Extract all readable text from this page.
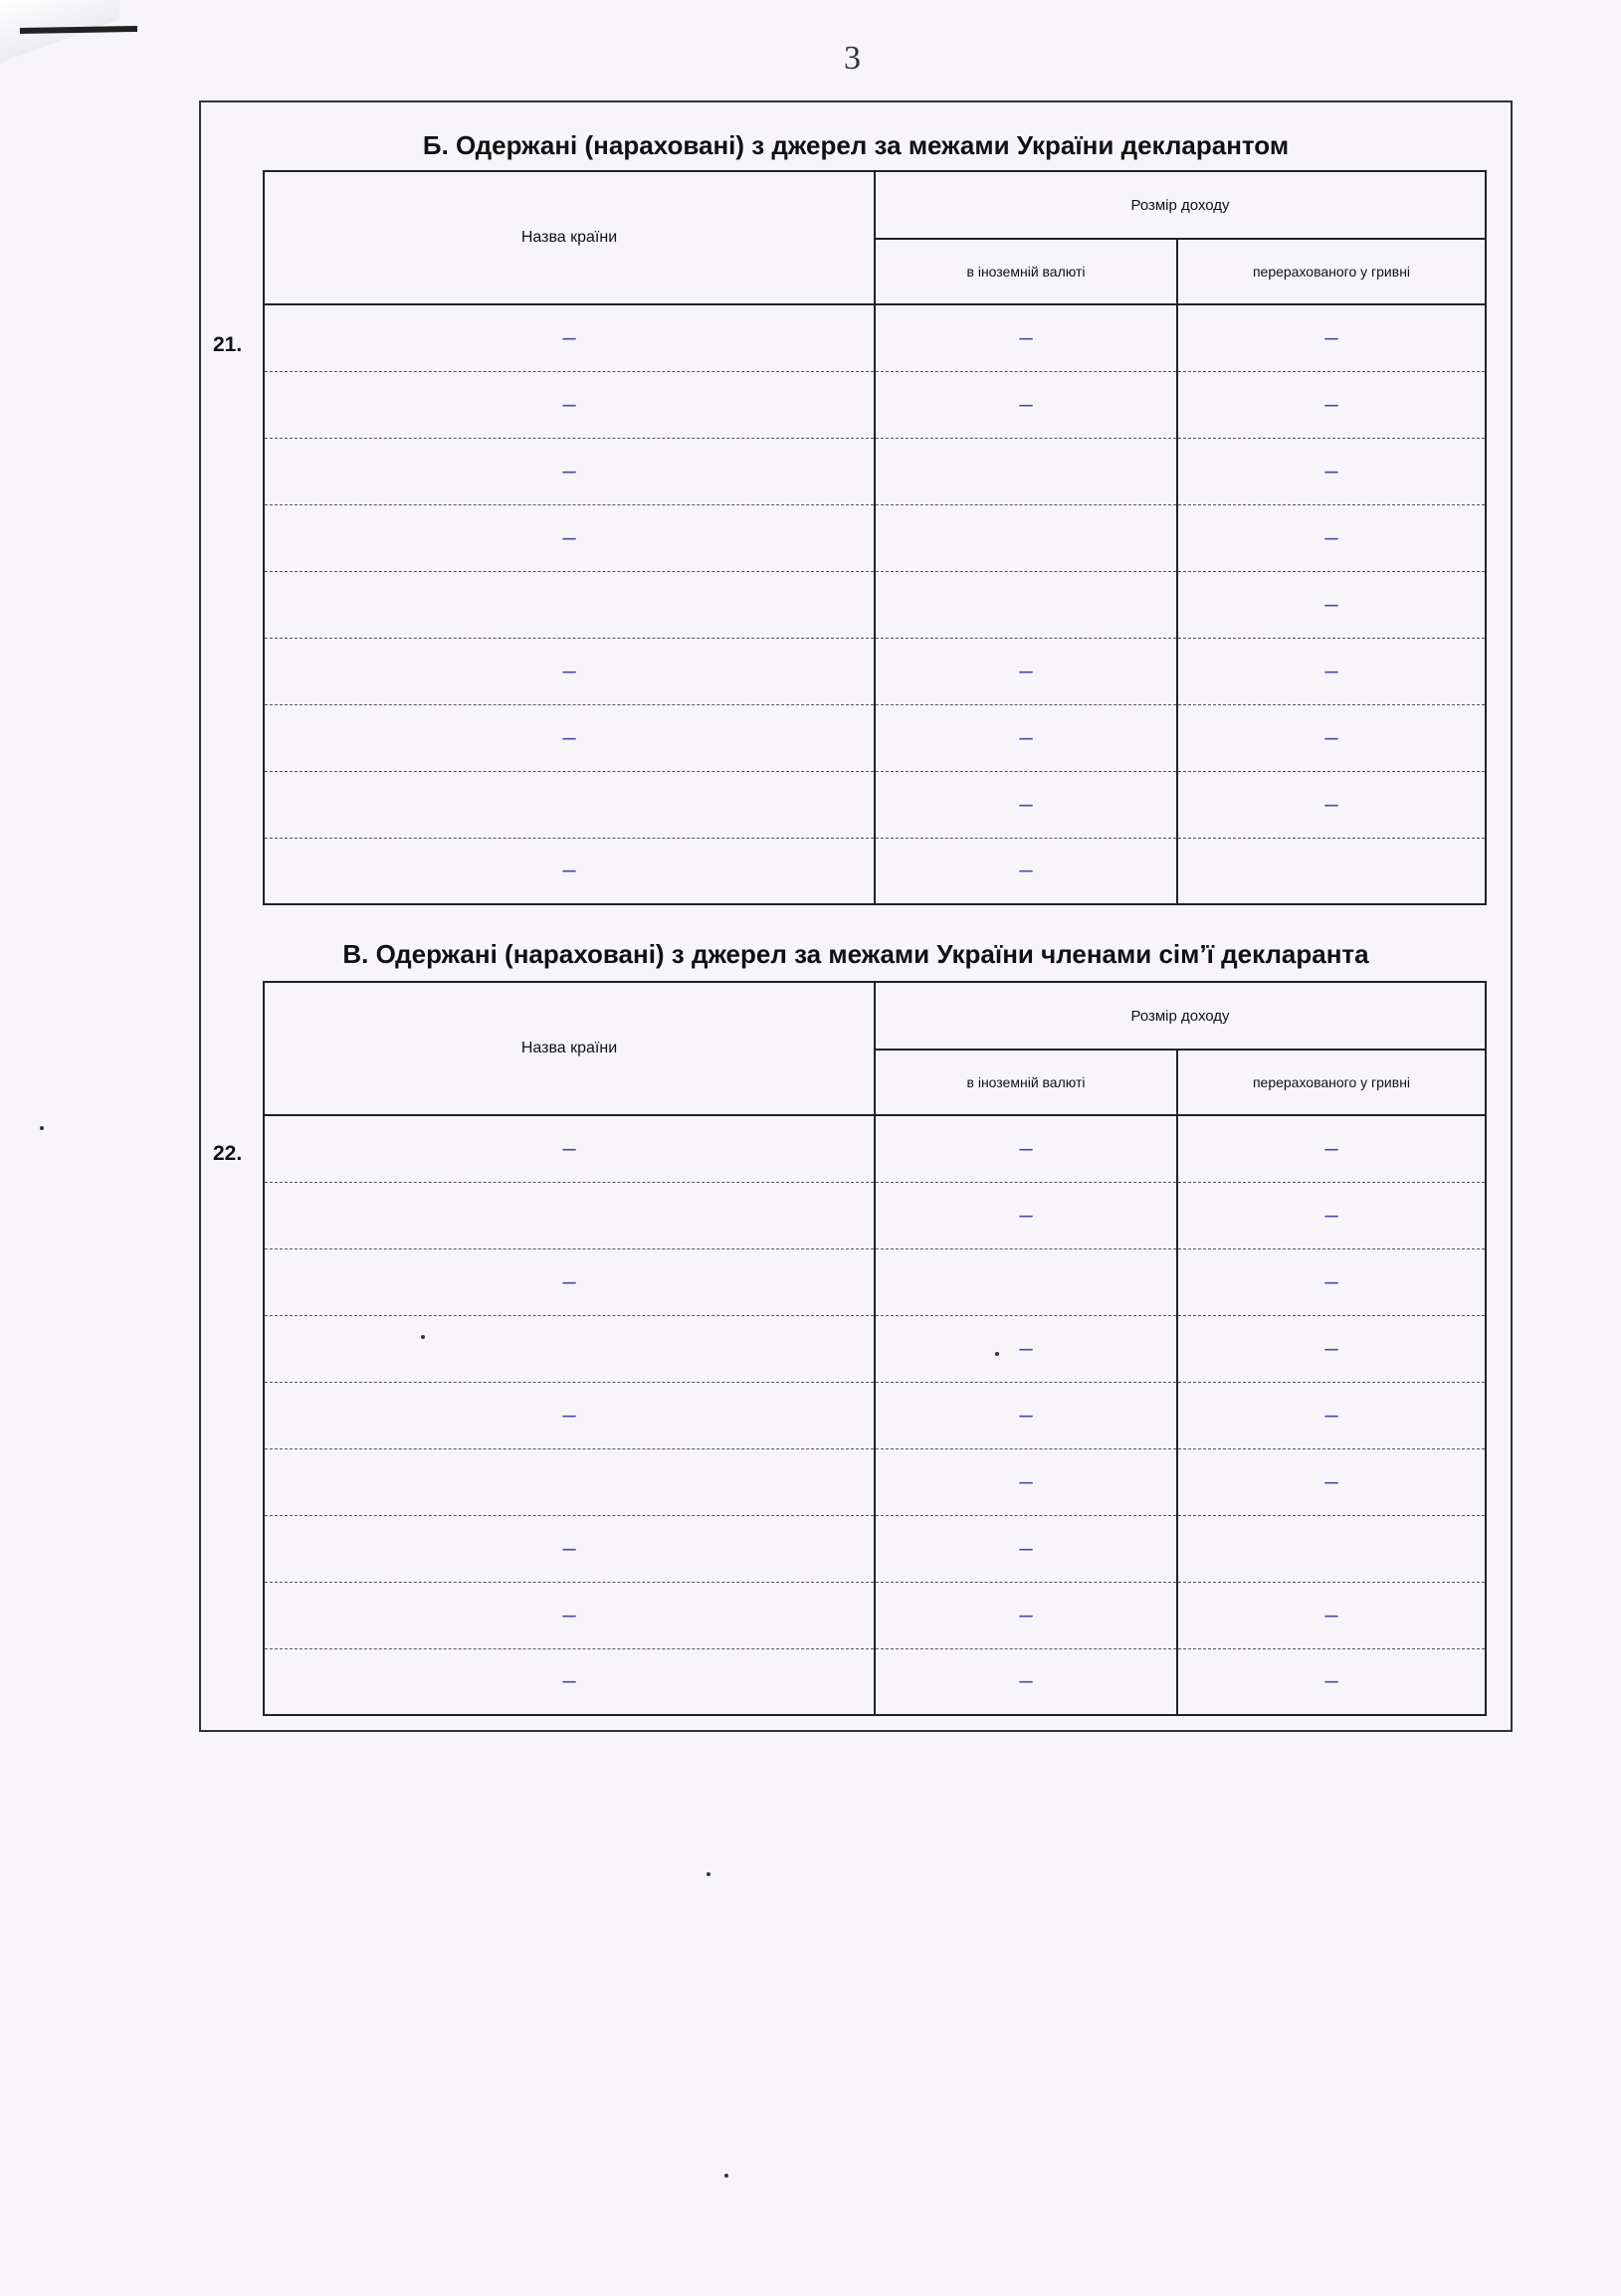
3
Б. Одержані (нараховані) з джерел за межами України декларантом
21.
Назва країни	Розмір доходу	
	в іноземній валюті	перерахованого у гривні
–	–	–
–	–	–
–		–
–		–
		–
–	–	–
–	–	–
	–	–
–	–	
В. Одержані (нараховані) з джерел за межами України членами сім’ї декларанта
22.
Назва країни	Розмір доходу	
	в іноземній валюті	перерахованого у гривні
–	–	–
	–	–
–		–
	–	–
–	–	–
	–	–
–	–	
–	–	–
–	–	–
